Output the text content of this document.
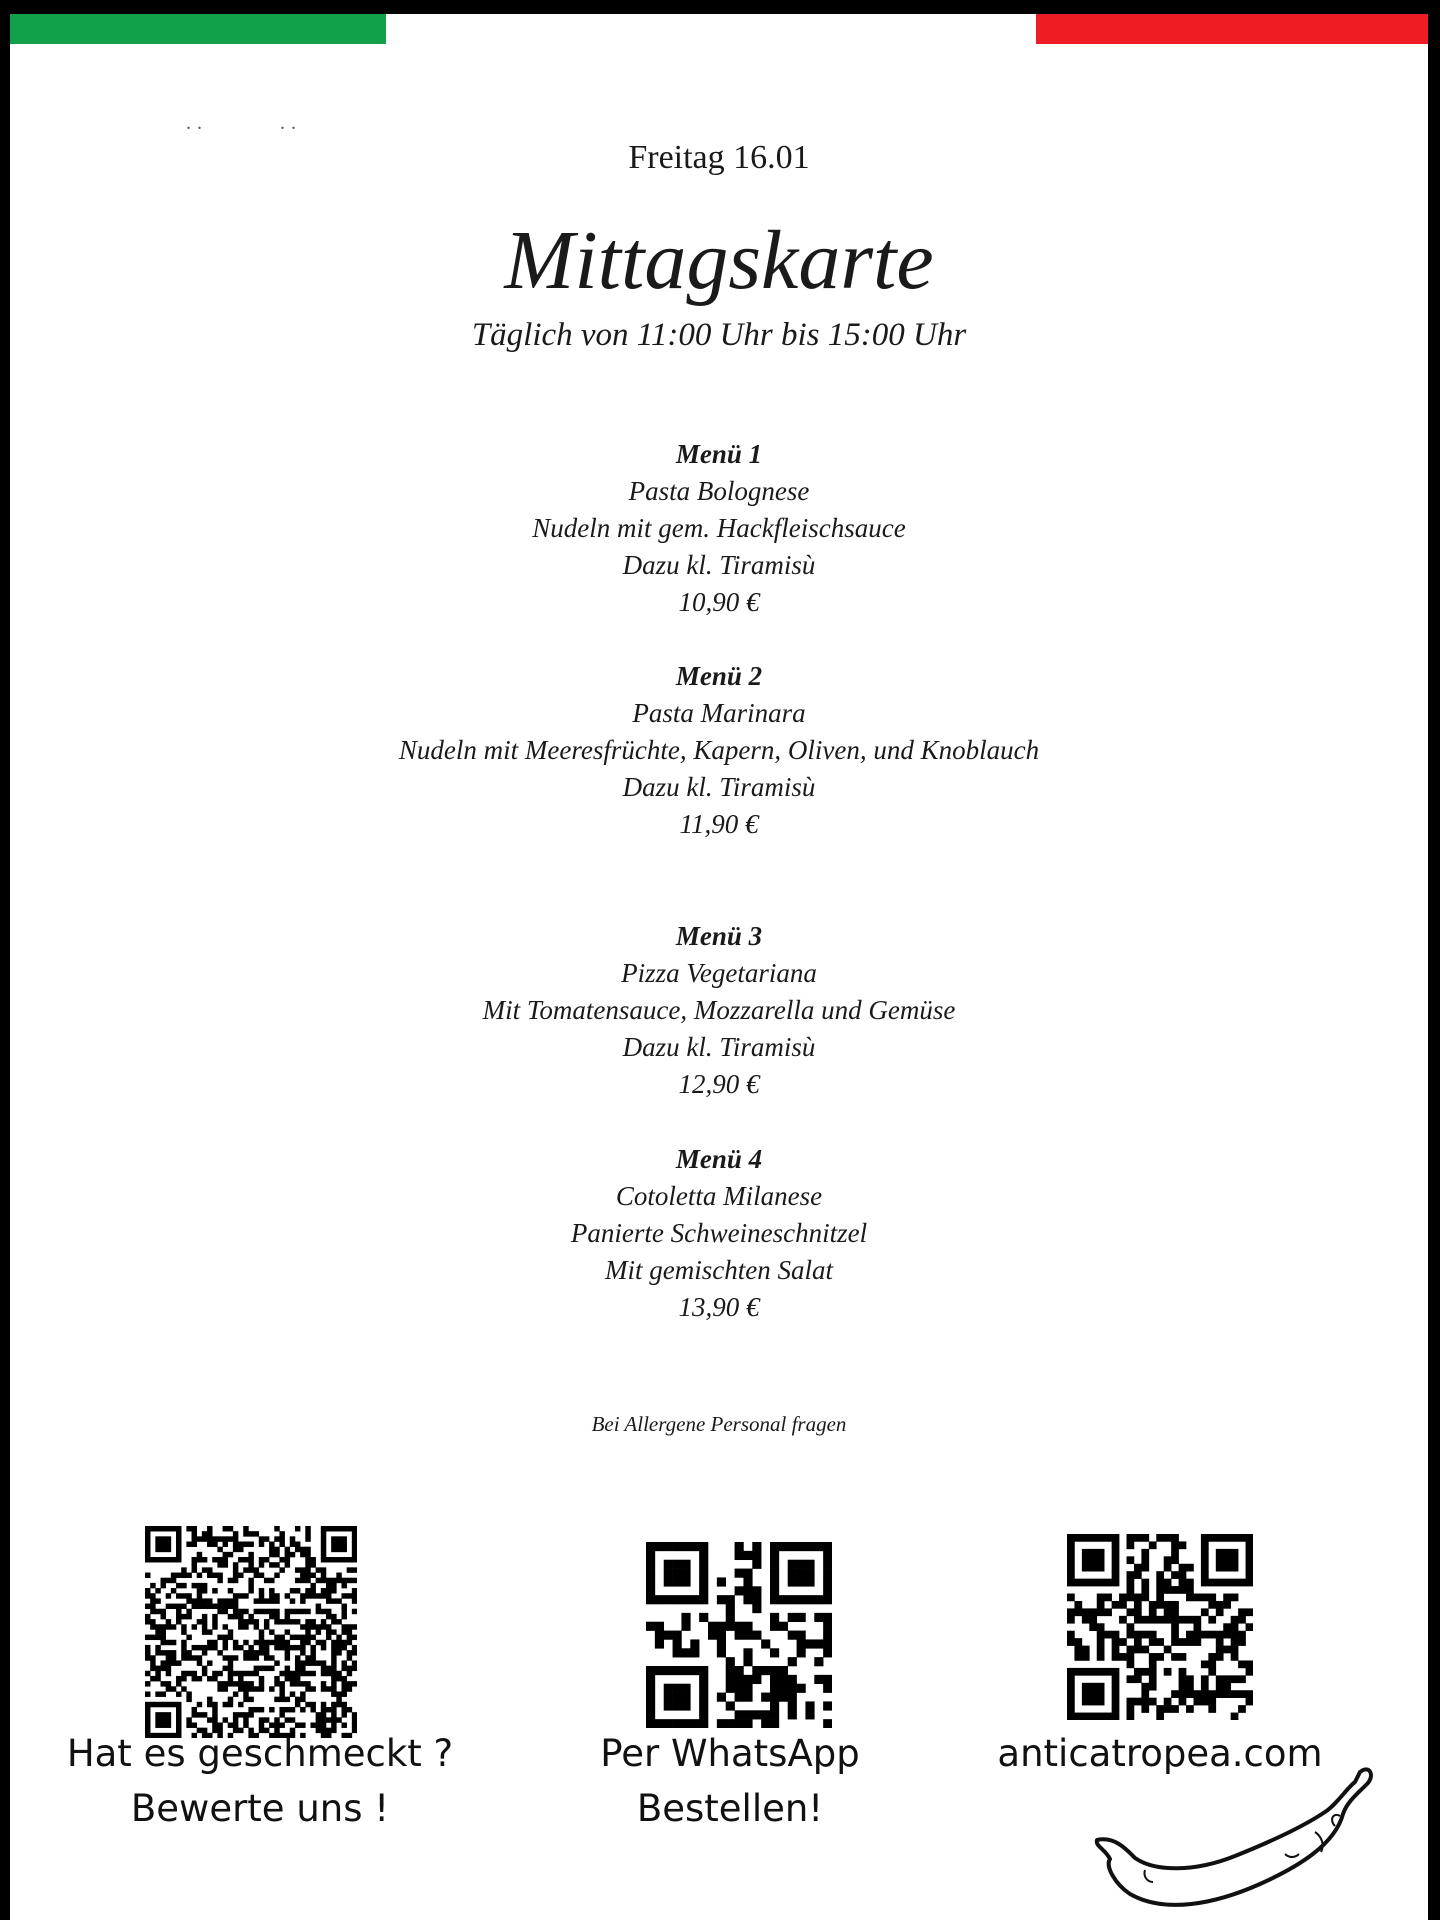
..	..
Freitag 16.01
Mittagskarte
Täglich von 11:00 Uhr bis 15:00 Uhr
Menü 1
Pasta Bolognese
Nudeln mit gem. Hackfleischsauce
Dazu kl. Tiramisù
10,90 €
Menü 2
Pasta Marinara
Nudeln mit Meeresfrüchte, Kapern, Oliven, und Knoblauch
Dazu kl. Tiramisù
11,90 €
Menü 3
Pizza Vegetariana
Mit Tomatensauce, Mozzarella und Gemüse
Dazu kl. Tiramisù
12,90 €
Menü 4
Cotoletta Milanese
Panierte Schweineschnitzel
Mit gemischten Salat
13,90 €
Bei Allergene Personal fragen
Hat es geschmeckt ?
Bewerte uns !
Per WhatsApp
Bestellen!
anticatropea.com
